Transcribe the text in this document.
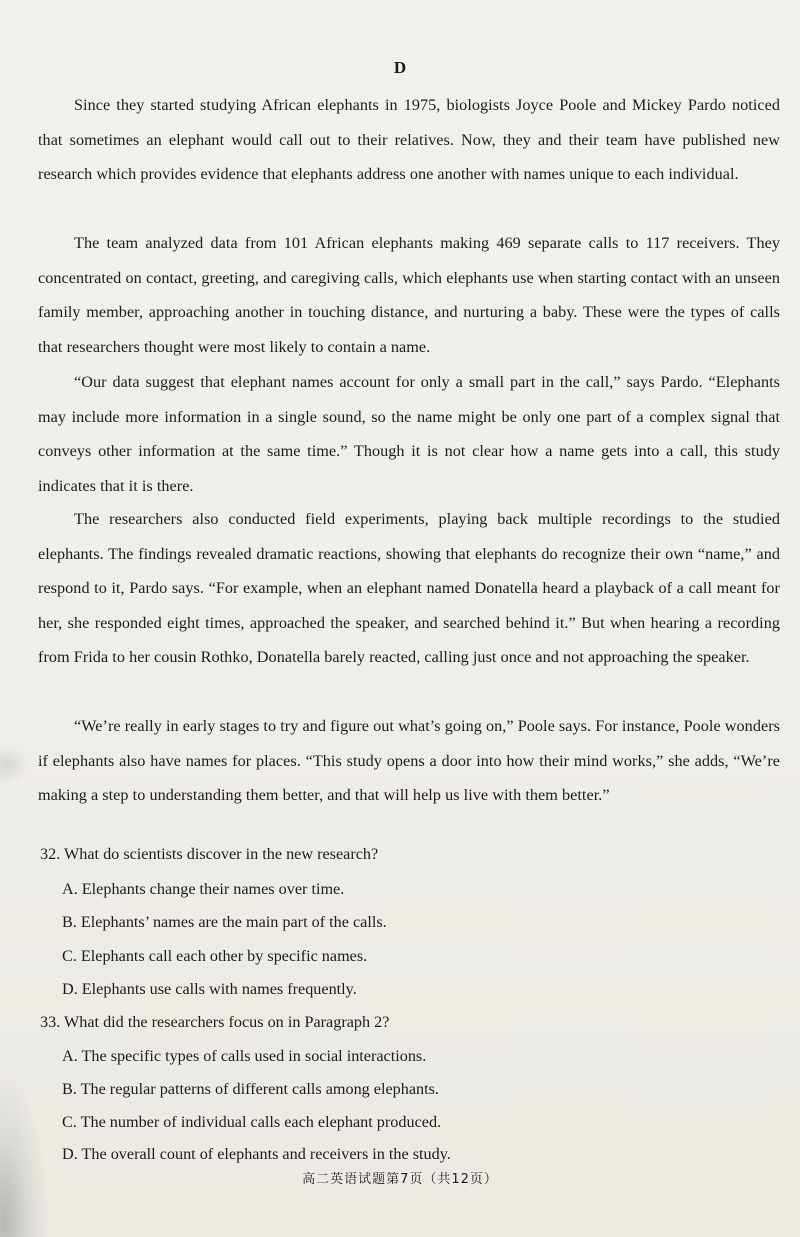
D

Since they started studying African elephants in 1975, biologists Joyce Poole and Mickey Pardo noticed that sometimes an elephant would call out to their relatives. Now, they and their team have published new research which provides evidence that elephants address one another with names unique to each individual.

The team analyzed data from 101 African elephants making 469 separate calls to 117 receivers. They concentrated on contact, greeting, and caregiving calls, which elephants use when starting contact with an unseen family member, approaching another in touching distance, and nurturing a baby. These were the types of calls that researchers thought were most likely to contain a name.

“Our data suggest that elephant names account for only a small part in the call,” says Pardo. “Elephants may include more information in a single sound, so the name might be only one part of a complex signal that conveys other information at the same time.” Though it is not clear how a name gets into a call, this study indicates that it is there.

The researchers also conducted field experiments, playing back multiple recordings to the studied elephants. The findings revealed dramatic reactions, showing that elephants do recognize their own “name,” and respond to it, Pardo says. “For example, when an elephant named Donatella heard a playback of a call meant for her, she responded eight times, approached the speaker, and searched behind it.” But when hearing a recording from Frida to her cousin Rothko, Donatella barely reacted, calling just once and not approaching the speaker.

“We’re really in early stages to try and figure out what’s going on,” Poole says. For instance, Poole wonders if elephants also have names for places. “This study opens a door into how their mind works,” she adds, “We’re making a step to understanding them better, and that will help us live with them better.”

32. What do scientists discover in the new research?

A. Elephants change their names over time.

B. Elephants’ names are the main part of the calls.

C. Elephants call each other by specific names.

D. Elephants use calls with names frequently.

33. What did the researchers focus on in Paragraph 2?

A. The specific types of calls used in social interactions.

B. The regular patterns of different calls among elephants.

C. The number of individual calls each elephant produced.

D. The overall count of elephants and receivers in the study.

高二英语试题第7页（共12页）
